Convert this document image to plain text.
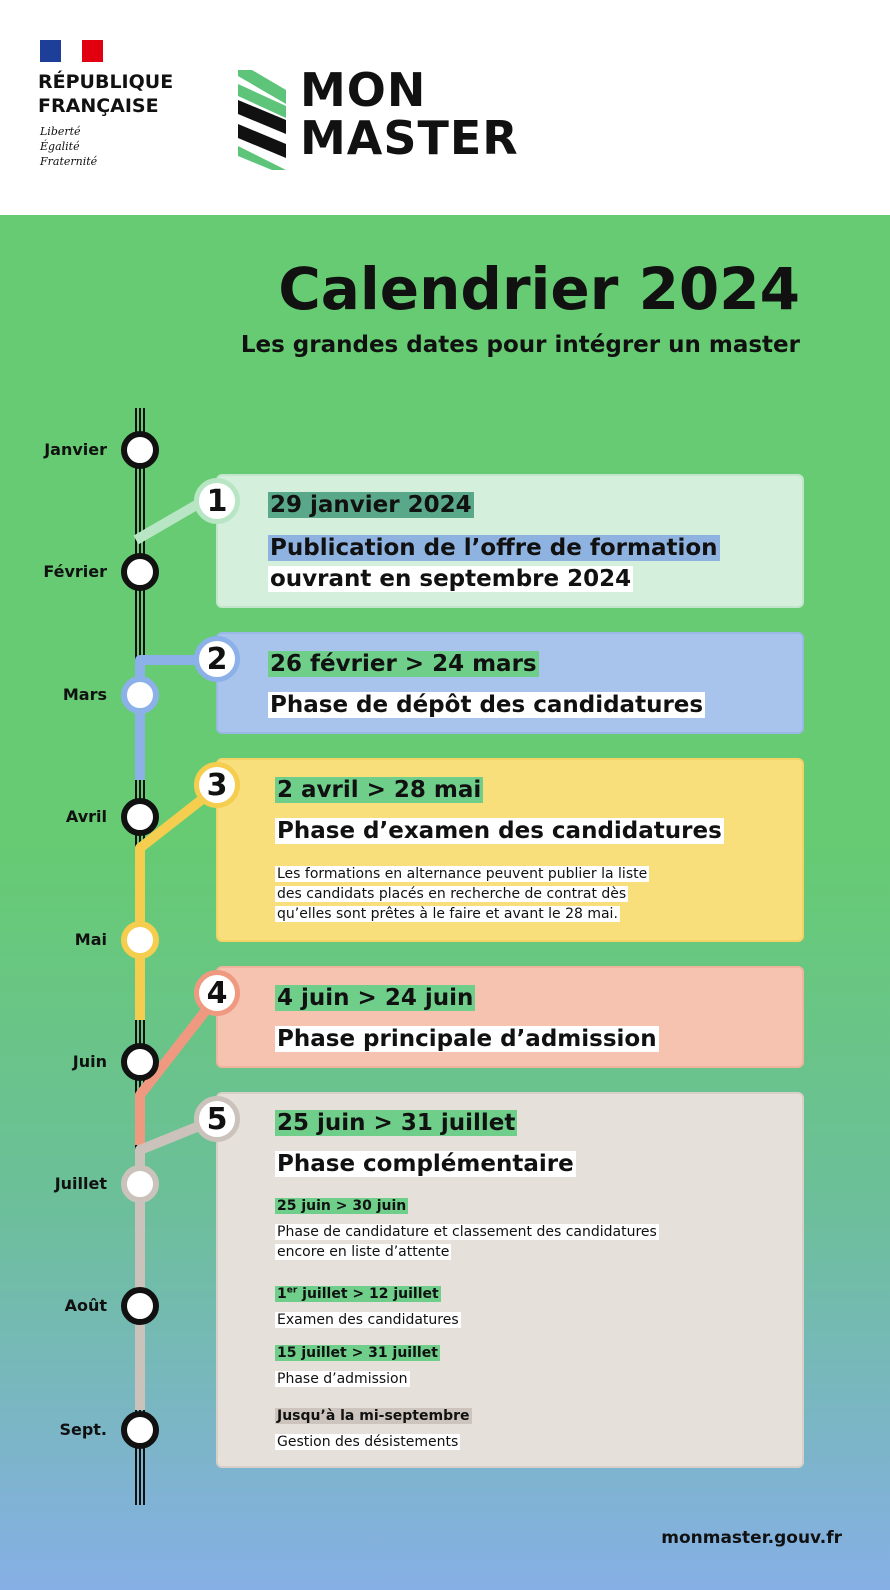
RÉPUBLIQUE
FRANÇAISE
Liberté
Égalité
Fraternité
MON
MASTER
Calendrier 2024
Les grandes dates pour intégrer un master
Janvier
Février
Mars
Avril
Mai
Juin
Juillet
Août
Sept.
1	29 janvier 2024
Publication de l’offre de formation
ouvrant en septembre 2024
2	26 février > 24 mars
Phase de dépôt des candidatures
3	2 avril > 28 mai
Phase d’examen des candidatures
Les formations en alternance peuvent publier la liste
des candidats placés en recherche de contrat dès
qu’elles sont prêtes à le faire et avant le 28 mai.
4	4 juin > 24 juin
Phase principale d’admission
5	25 juin > 31 juillet
Phase complémentaire
25 juin > 30 juin
Phase de candidature et classement des candidatures
encore en liste d’attente
1er juillet > 12 juillet
Examen des candidatures
15 juillet > 31 juillet
Phase d’admission
Jusqu’à la mi-septembre
Gestion des désistements
monmaster.gouv.fr
